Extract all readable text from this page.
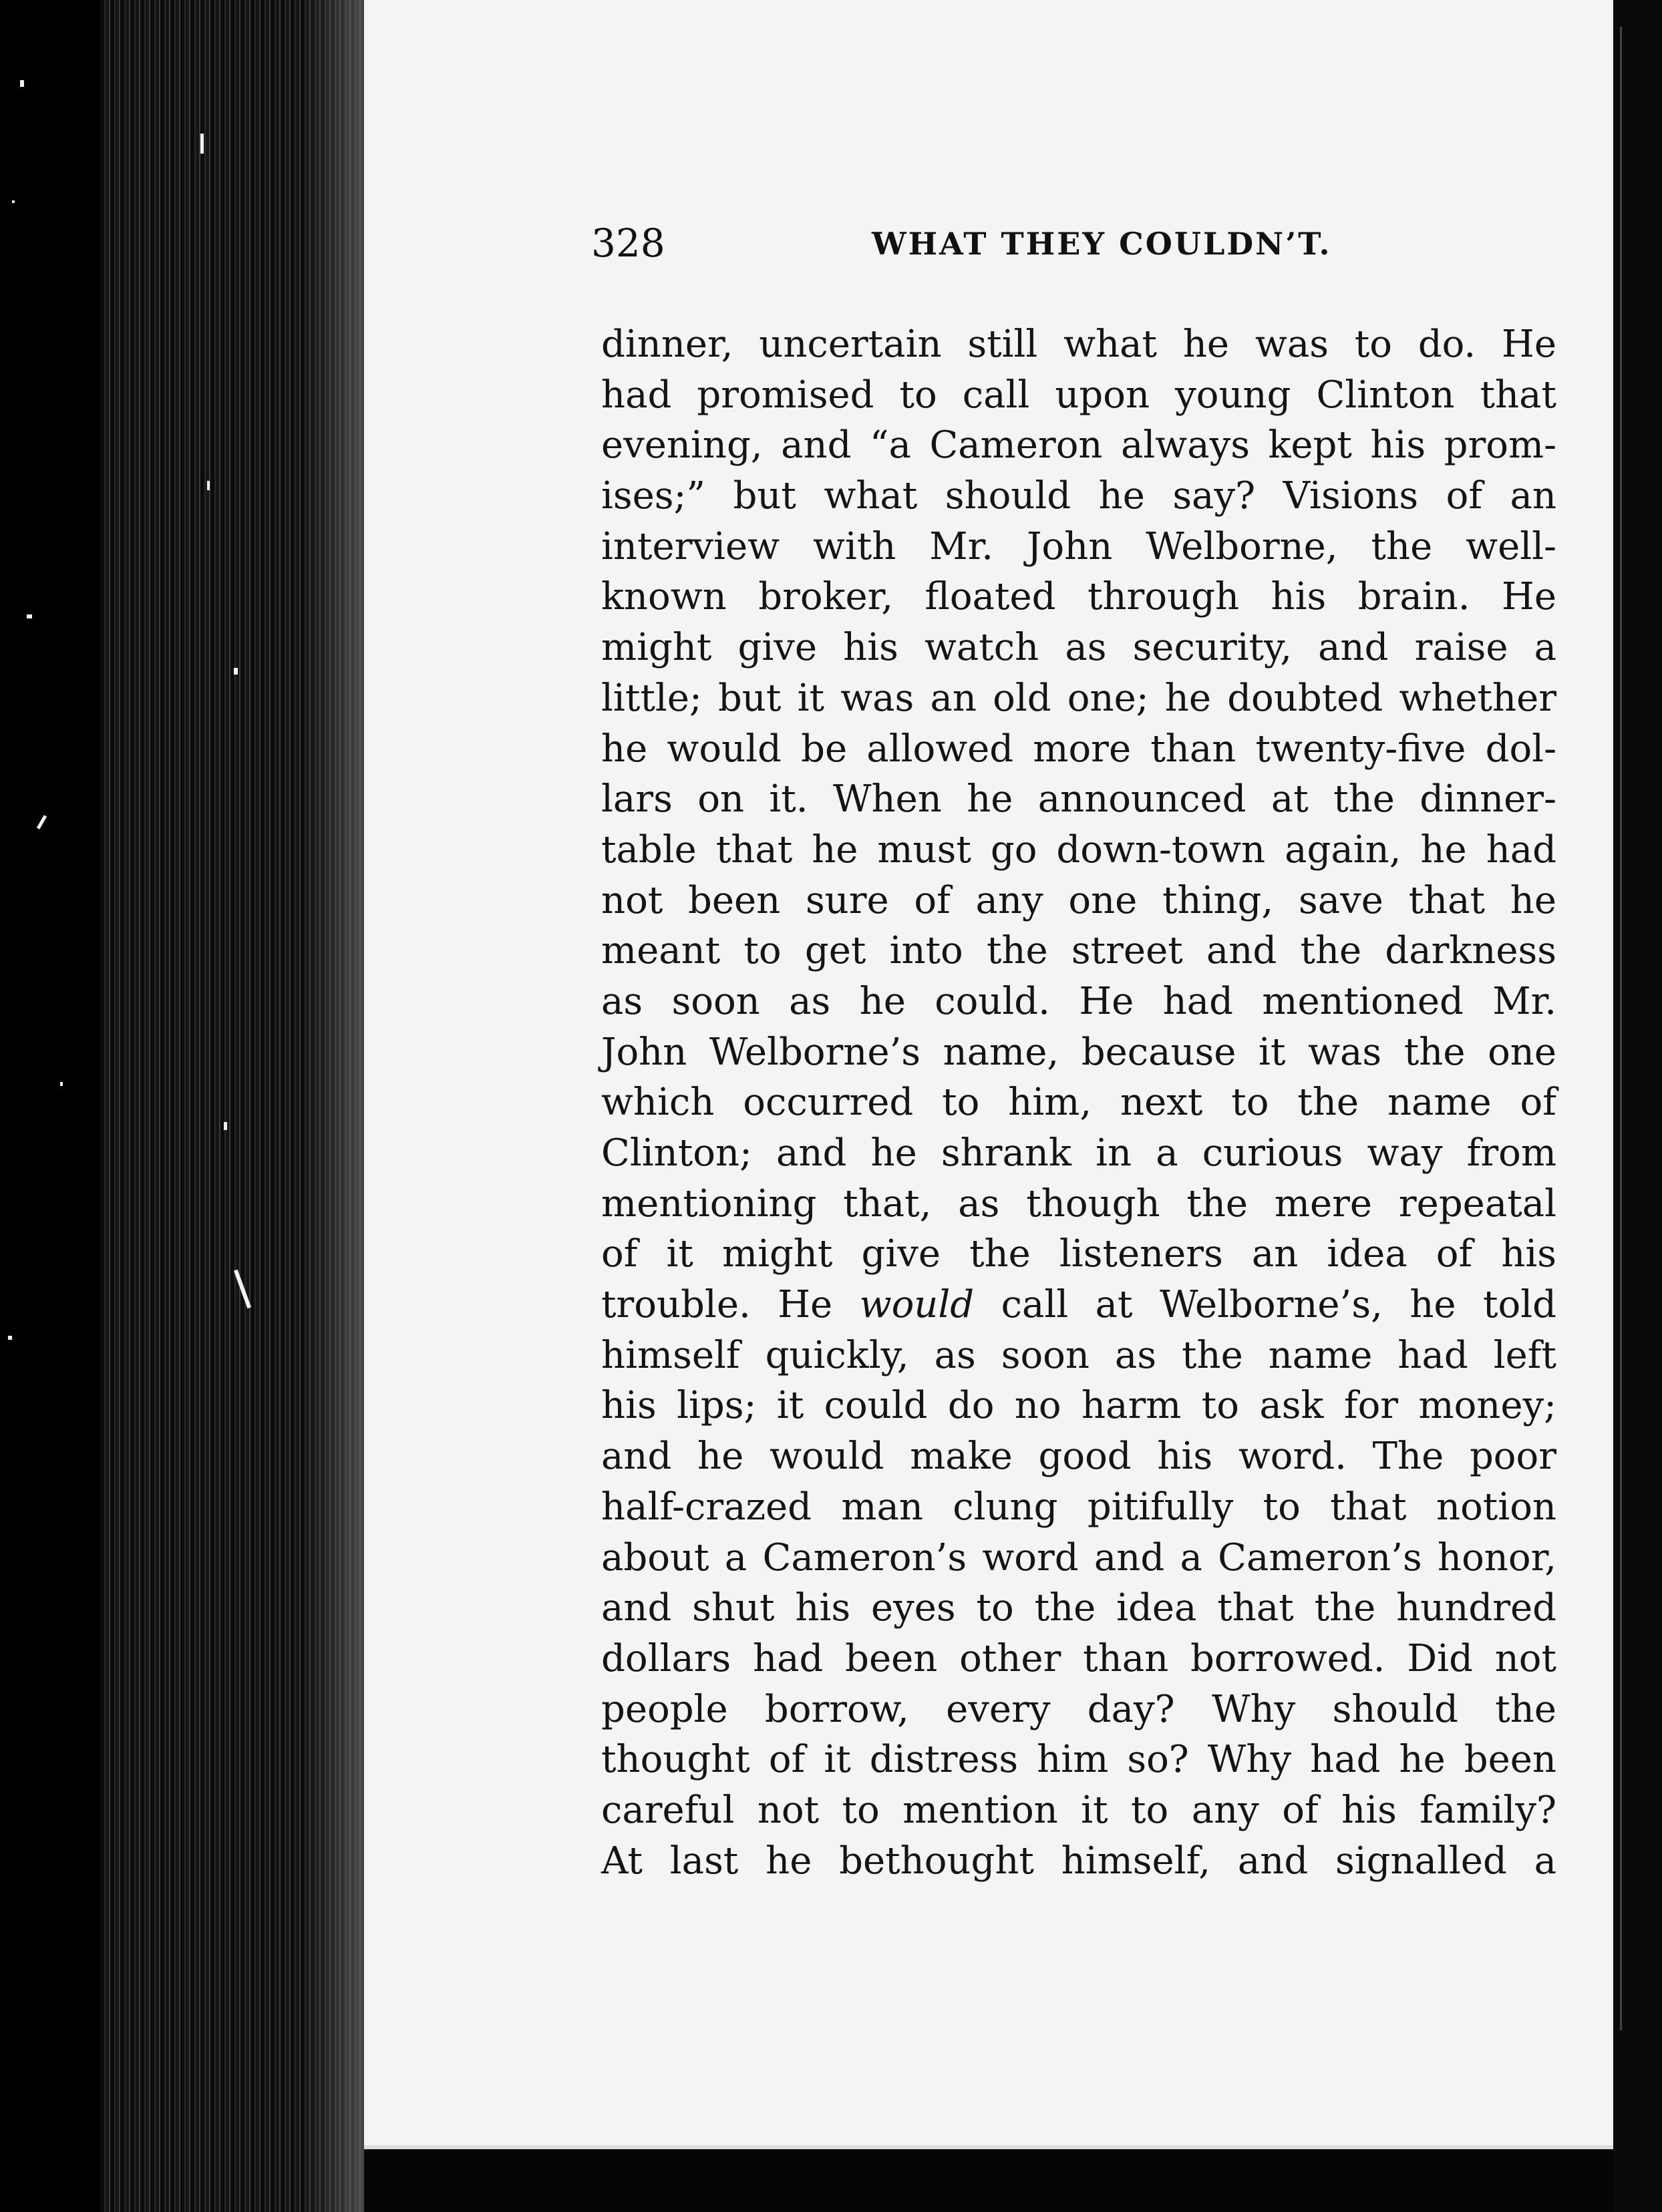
328	WHAT THEY COULDN’T.
dinner, uncertain still what he was to do. He
had promised to call upon young Clinton that
evening, and “a Cameron always kept his prom-
ises;” but what should he say? Visions of an
interview with Mr. John Welborne, the well-
known broker, floated through his brain. He
might give his watch as security, and raise a
little; but it was an old one; he doubted whether
he would be allowed more than twenty-five dol-
lars on it. When he announced at the dinner-
table that he must go down-town again, he had
not been sure of any one thing, save that he
meant to get into the street and the darkness
as soon as he could. He had mentioned Mr.
John Welborne’s name, because it was the one
which occurred to him, next to the name of
Clinton; and he shrank in a curious way from
mentioning that, as though the mere repeatal
of it might give the listeners an idea of his
trouble. He would call at Welborne’s, he told
himself quickly, as soon as the name had left
his lips; it could do no harm to ask for money;
and he would make good his word. The poor
half-crazed man clung pitifully to that notion
about a Cameron’s word and a Cameron’s honor,
and shut his eyes to the idea that the hundred
dollars had been other than borrowed. Did not
people borrow, every day? Why should the
thought of it distress him so? Why had he been
careful not to mention it to any of his family?
At last he bethought himself, and signalled a
